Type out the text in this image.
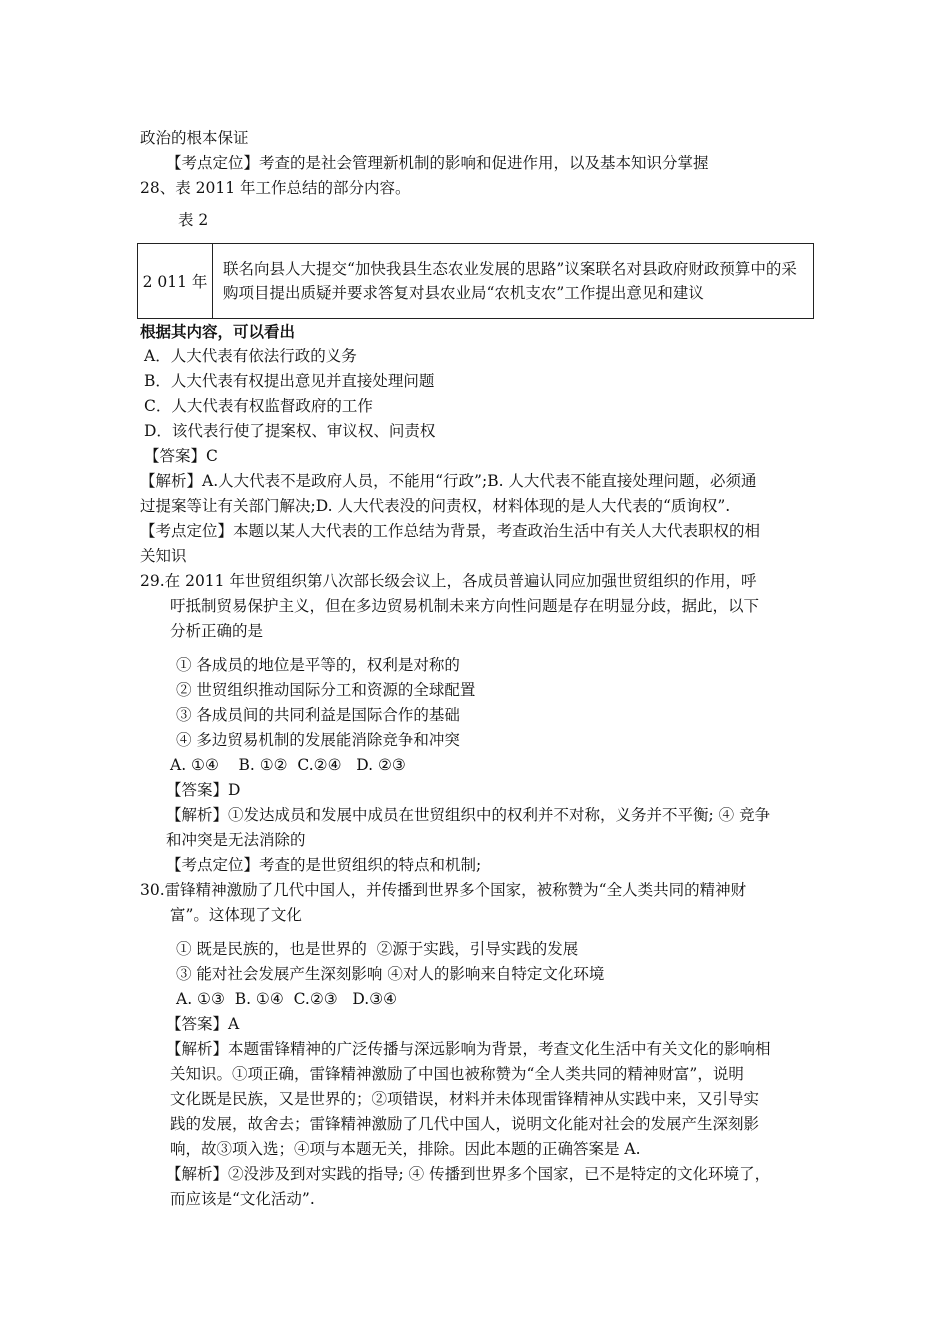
政治的根本保证
【考点定位】考查的是社会管理新机制的影响和促进作用，以及基本知识分掌握
28、表 2011 年工作总结的部分内容。
表 2
2 011 年	联名向县人大提交“加快我县生态农业发展的思路”议案联名对县政府财政预算中的采购项目提出质疑并要求答复对县农业局“农机支农”工作提出意见和建议
根据其内容，可以看出
A．人大代表有依法行政的义务
B．人大代表有权提出意见并直接处理问题
C．人大代表有权监督政府的工作
D．该代表行使了提案权、审议权、问责权
【答案】C
【解析】A.人大代表不是政府人员，不能用“行政”;B. 人大代表不能直接处理问题，必须通
过提案等让有关部门解决;D. 人大代表没的问责权，材料体现的是人大代表的“质询权”.
【考点定位】本题以某人大代表的工作总结为背景，考查政治生活中有关人大代表职权的相
关知识
29.在 2011 年世贸组织第八次部长级会议上，各成员普遍认同应加强世贸组织的作用，呼
吁抵制贸易保护主义，但在多边贸易机制未来方向性问题是存在明显分歧，据此，以下
分析正确的是
① 各成员的地位是平等的，权利是对称的
② 世贸组织推动国际分工和资源的全球配置
③ 各成员间的共同利益是国际合作的基础
④ 多边贸易机制的发展能消除竞争和冲突
A. ①④    B. ①②  C.②④   D. ②③
【答案】D
【解析】①发达成员和发展中成员在世贸组织中的权利并不对称，义务并不平衡; ④ 竞争
和冲突是无法消除的
【考点定位】考查的是世贸组织的特点和机制;
30.雷锋精神激励了几代中国人，并传播到世界多个国家，被称赞为“全人类共同的精神财
富”。这体现了文化
① 既是民族的，也是世界的  ②源于实践，引导实践的发展
③ 能对社会发展产生深刻影响 ④对人的影响来自特定文化环境
A. ①③  B. ①④  C.②③   D.③④
【答案】A
【解析】本题雷锋精神的广泛传播与深远影响为背景，考查文化生活中有关文化的影响相
关知识。①项正确，雷锋精神激励了中国也被称赞为“全人类共同的精神财富”，说明
文化既是民族，又是世界的；②项错误，材料并未体现雷锋精神从实践中来，又引导实
践的发展，故舍去；雷锋精神激励了几代中国人，说明文化能对社会的发展产生深刻影
响，故③项入选；④项与本题无关，排除。因此本题的正确答案是 A.
【解析】②没涉及到对实践的指导; ④ 传播到世界多个国家，已不是特定的文化环境了，
而应该是“文化活动”.
